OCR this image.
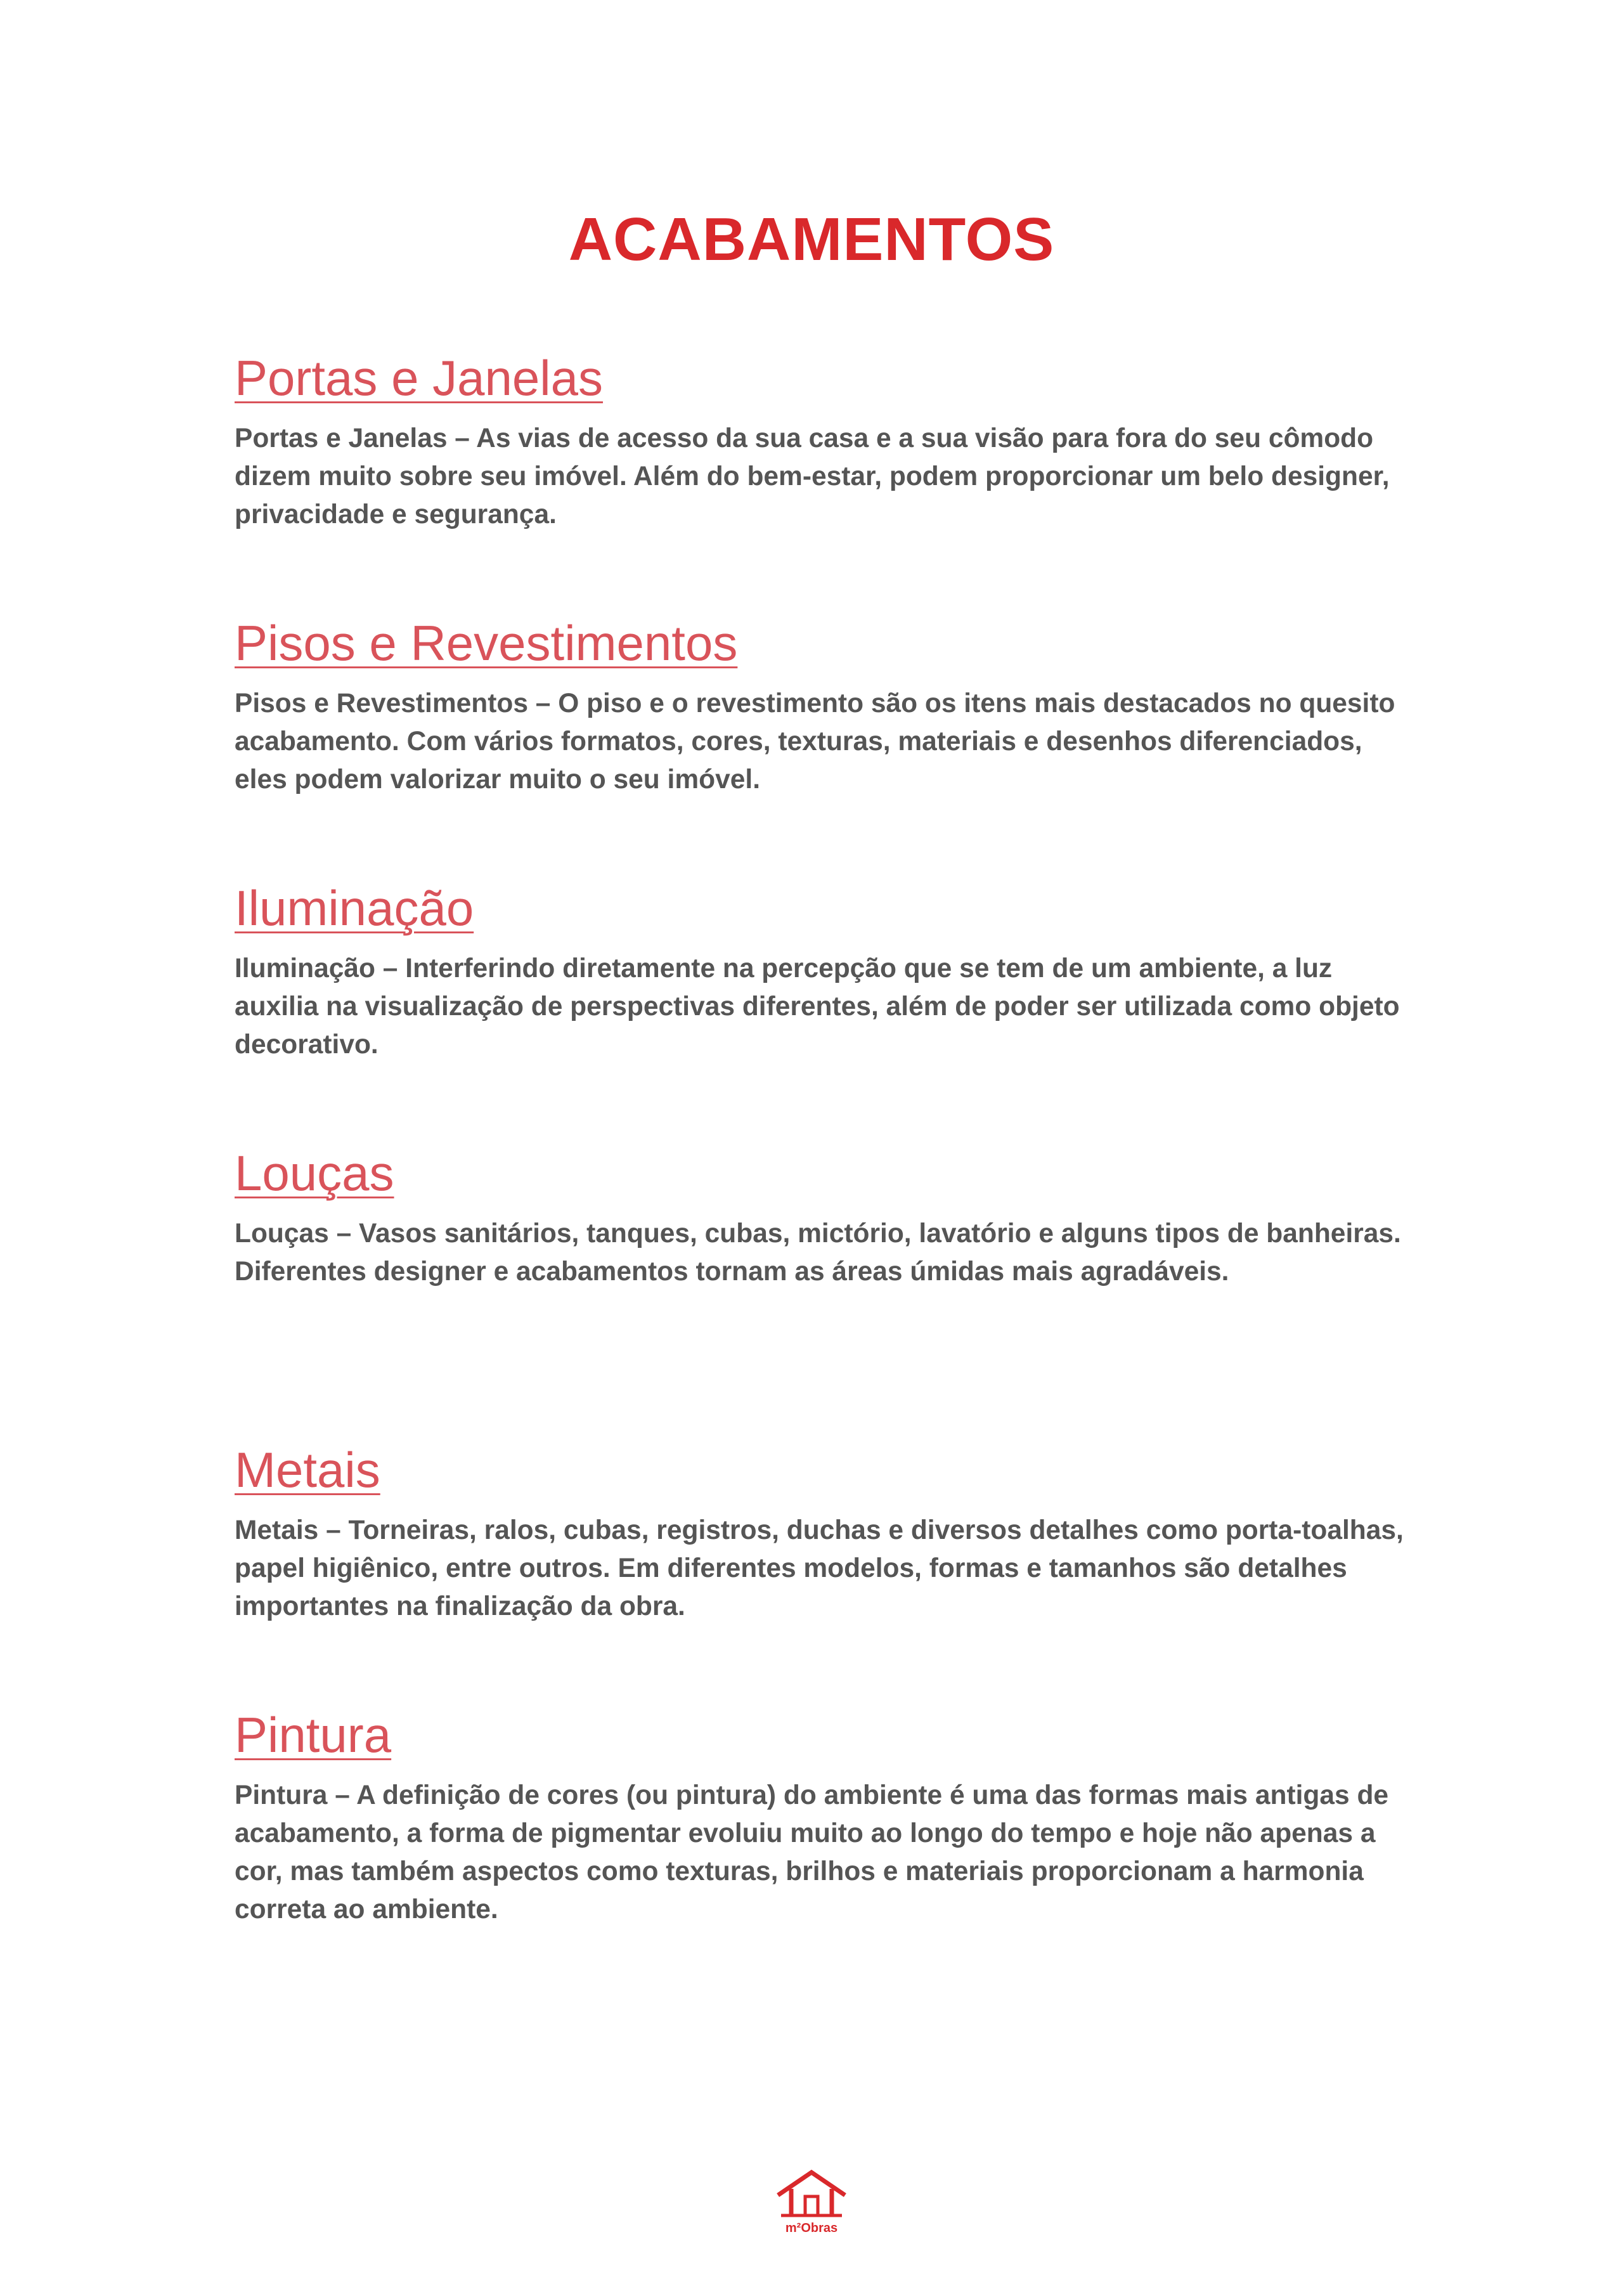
ACABAMENTOS
Portas e Janelas

Portas e Janelas – As vias de acesso da sua casa e a sua visão para fora do seu cômodo dizem muito sobre seu imóvel. Além do bem-estar, podem proporcionar um belo designer, privacidade e segurança.

Pisos e Revestimentos

Pisos e Revestimentos – O piso e o revestimento são os itens mais destacados no quesito acabamento. Com vários formatos, cores, texturas, materiais e desenhos diferenciados, eles podem valorizar muito o seu imóvel.

Iluminação

Iluminação – Interferindo diretamente na percepção que se tem de um ambiente, a luz auxilia na visualização de perspectivas diferentes, além de poder ser utilizada como objeto decorativo.

Louças

Louças – Vasos sanitários, tanques, cubas, mictório, lavatório e alguns tipos de banheiras. Diferentes designer e acabamentos tornam as áreas úmidas mais agradáveis.

Metais

Metais – Torneiras, ralos, cubas, registros, duchas e diversos detalhes como porta-toalhas, papel higiênico, entre outros. Em diferentes modelos, formas e tamanhos são detalhes importantes na finalização da obra.

Pintura

Pintura – A definição de cores (ou pintura) do ambiente é uma das formas mais antigas de acabamento, a forma de pigmentar evoluiu muito ao longo do tempo e hoje não apenas a cor, mas também aspectos como texturas, brilhos e materiais proporcionam a harmonia correta ao ambiente.

m²Obras
